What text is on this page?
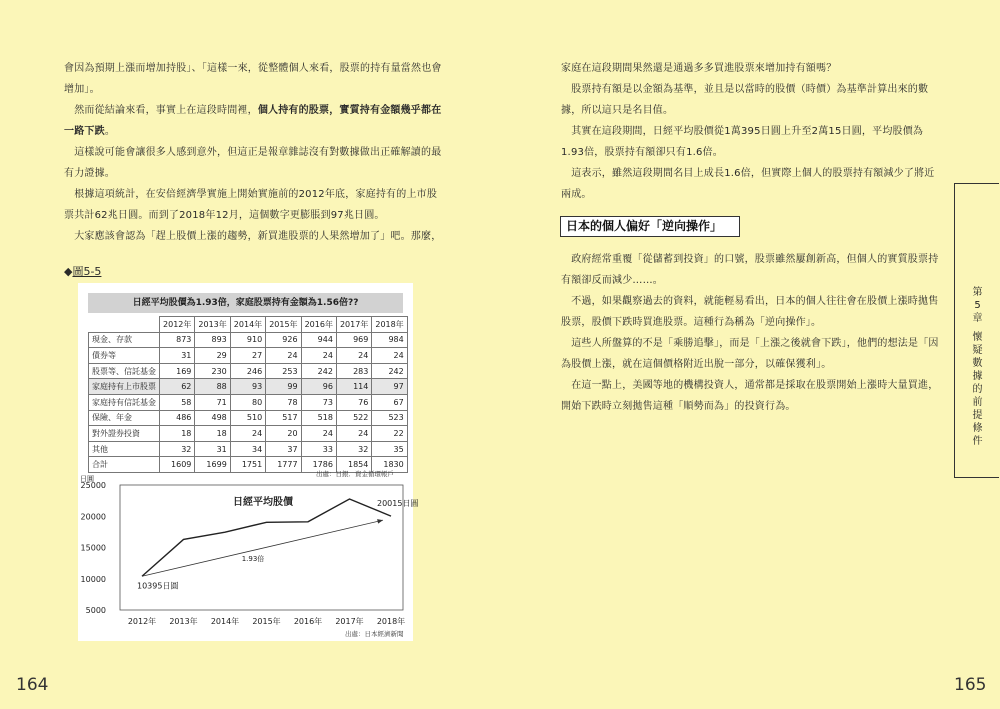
會因為預期上漲而增加持股」、「這樣一來，從整體個人來看，股票的持有量當然也會
增加」。
　然而從結論來看，事實上在這段時間裡，個人持有的股票，實質持有金額幾乎都在
一路下跌。
　這樣說可能會讓很多人感到意外，但這正是報章雜誌沒有對數據做出正確解讀的最
有力證據。
　根據這項統計，在安倍經濟學實施上開始實施前的2012年底，家庭持有的上市股
票共計62兆日圓。而到了2018年12月，這個數字更膨脹到97兆日圓。
　大家應該會認為「趕上股價上漲的趨勢，新買進股票的人果然增加了」吧。那麼，
◆圖5-5
日經平均股價為1.93倍，家庭股票持有金額為1.56倍??
	2012年	2013年	2014年	2015年	2016年	2017年	2018年
現金、存款	873	893	910	926	944	969	984
債券等	31	29	27	24	24	24	24
股票等、信託基金	169	230	246	253	242	283	242
家庭持有上市股票	62	88	93	99	96	114	97
家庭持有信託基金	58	71	80	78	73	76	67
保險、年金	486	498	510	517	518	522	523
對外證券投資	18	18	24	20	24	24	22
其他	32	31	34	37	33	32	35
合計	1609	1699	1751	1777	1786	1854	1830
出處：日銀．資金循環帳戶
日圓
25000
20000
15000
10000
5000
2012年 2013年 2014年 2015年 2016年 2017年 2018年
日經平均股價
10395日圓
20015日圓
1.93倍
出處：日本經濟新聞
164
家庭在這段期間果然還是通過多多買進股票來增加持有額嗎？
　股票持有額是以金額為基準，並且是以當時的股價（時價）為基準計算出來的數
據，所以這只是名目值。
　其實在這段期間，日經平均股價從1萬395日圓上升至2萬15日圓，平均股價為
1.93倍，股票持有額卻只有1.6倍。
　這表示，雖然這段期間名目上成長1.6倍，但實際上個人的股票持有額減少了將近
兩成。
日本的個人偏好「逆向操作」
　政府經常重覆「從儲蓄到投資」的口號，股票雖然屢創新高，但個人的實質股票持
有額卻反而減少……。
　不過，如果觀察過去的資料，就能輕易看出，日本的個人往往會在股價上漲時拋售
股票，股價下跌時買進股票。這種行為稱為「逆向操作」。
　這些人所盤算的不是「乘勝追擊」，而是「上漲之後就會下跌」，他們的想法是「因
為股價上漲，就在這個價格附近出脫一部分，以確保獲利」。
　在這一點上，美國等地的機構投資人，通常都是採取在股票開始上漲時大量買進，
開始下跌時立刻拋售這種「順勢而為」的投資行為。
165
第
5
章
懷
疑
數
據
的
前
提
條
件
